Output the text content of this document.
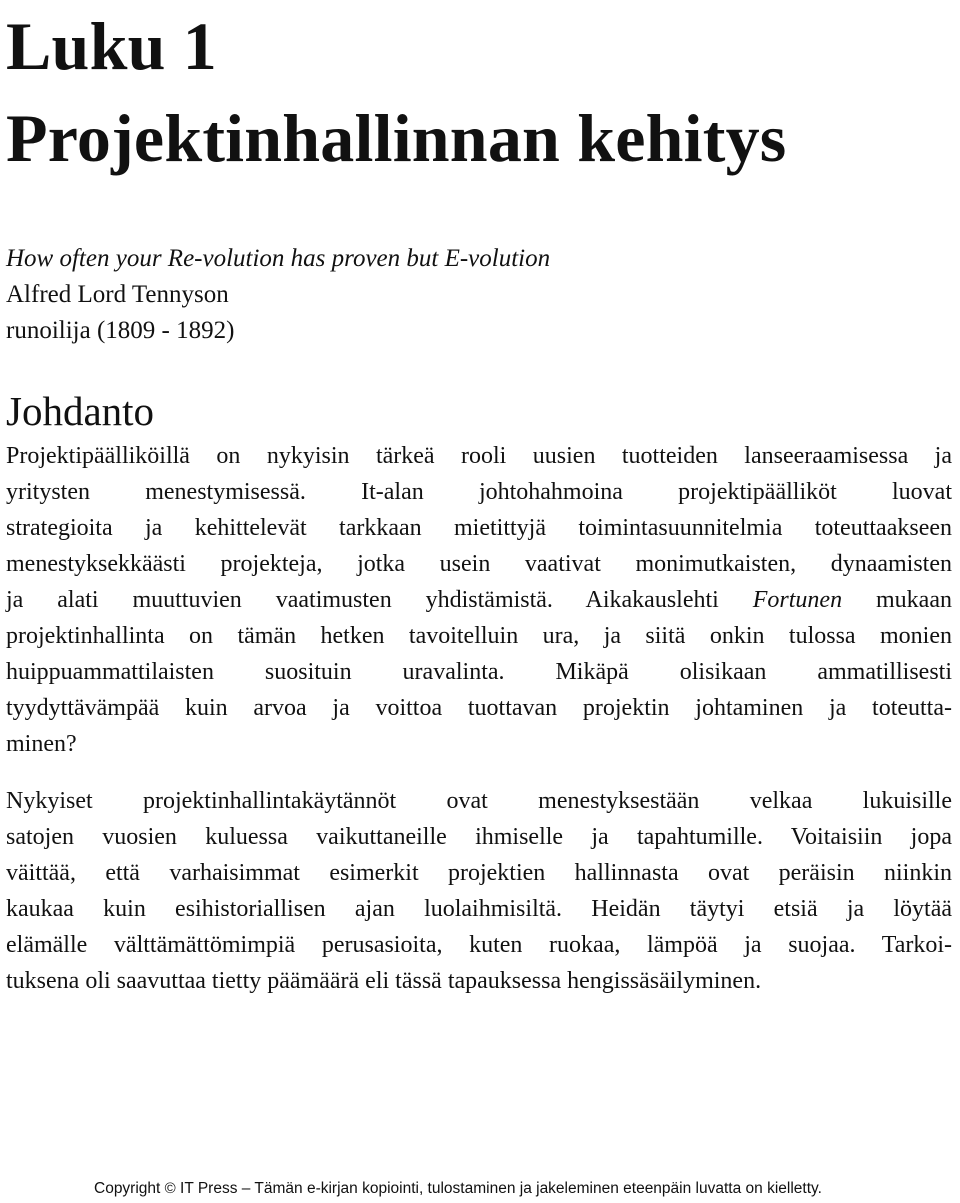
Luku 1
Projektinhallinnan kehitys
How often your Re-volution has proven but E-volution
Alfred Lord Tennyson
runoilija (1809 - 1892)
Johdanto

Projektipäälliköillä on nykyisin tärkeä rooli uusien tuotteiden lanseeraamisessa ja
yritysten menestymisessä. It-alan johtohahmoina projektipäälliköt luovat
strategioita ja kehittelevät tarkkaan mietittyjä toimintasuunnitelmia toteuttaakseen
menestyksekkäästi projekteja, jotka usein vaativat monimutkaisten, dynaamisten
ja alati muuttuvien vaatimusten yhdistämistä. Aikakauslehti Fortunen mukaan
projektinhallinta on tämän hetken tavoitelluin ura, ja siitä onkin tulossa monien
huippuammattilaisten suosituin uravalinta. Mikäpä olisikaan ammatillisesti
tyydyttävämpää kuin arvoa ja voittoa tuottavan projektin johtaminen ja toteutta-
minen?

Nykyiset projektinhallintakäytännöt ovat menestyksestään velkaa lukuisille
satojen vuosien kuluessa vaikuttaneille ihmiselle ja tapahtumille. Voitaisiin jopa
väittää, että varhaisimmat esimerkit projektien hallinnasta ovat peräisin niinkin
kaukaa kuin esihistoriallisen ajan luolaihmisiltä. Heidän täytyi etsiä ja löytää
elämälle välttämättömimpiä perusasioita, kuten ruokaa, lämpöä ja suojaa. Tarkoi-
tuksena oli saavuttaa tietty päämäärä eli tässä tapauksessa hengissäsäilyminen.

Copyright © IT Press – Tämän e-kirjan kopiointi, tulostaminen ja jakeleminen eteenpäin luvatta on kielletty.
